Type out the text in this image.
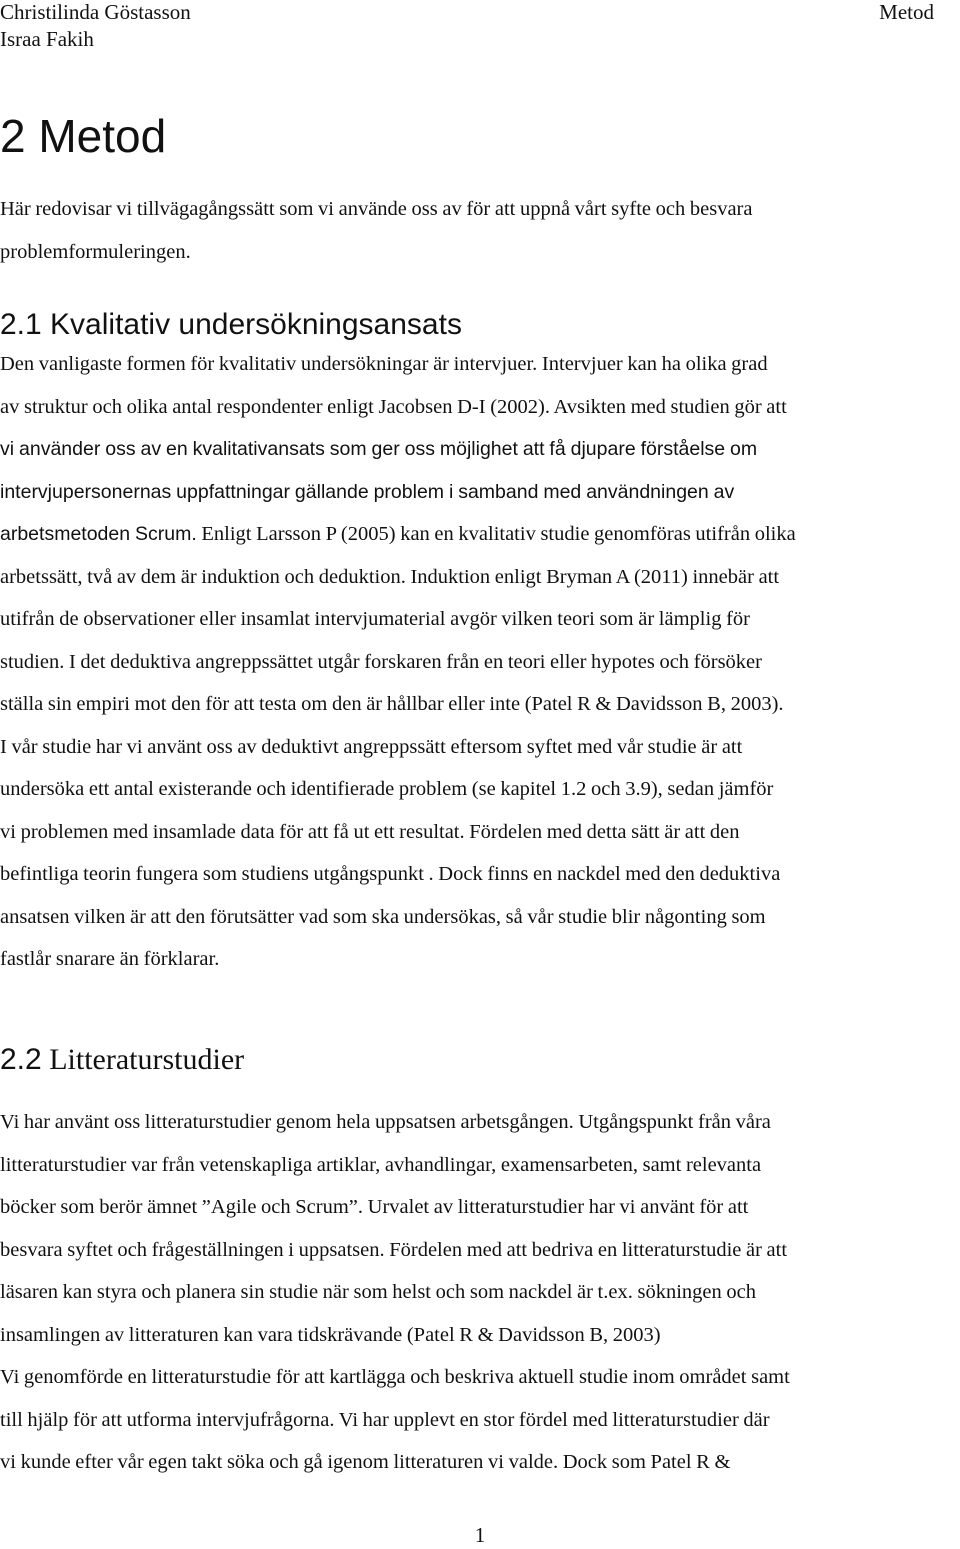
Christilinda Göstasson
Israa Fakih
Metod
2 Metod
Här redovisar vi tillvägagångssätt som vi använde oss av för att uppnå vårt syfte och besvara
problemformuleringen.
2.1 Kvalitativ undersökningsansats
Den vanligaste formen för kvalitativ undersökningar är intervjuer. Intervjuer kan ha olika grad
av struktur och olika antal respondenter enligt Jacobsen D-I (2002). Avsikten med studien gör att
vi använder oss av en kvalitativansats som ger oss möjlighet att få djupare förståelse om
intervjupersonernas uppfattningar gällande problem i samband med användningen av
arbetsmetoden Scrum. Enligt Larsson P (2005) kan en kvalitativ studie genomföras utifrån olika
arbetssätt, två av dem är induktion och deduktion. Induktion enligt Bryman A (2011) innebär att
utifrån de observationer eller insamlat intervjumaterial avgör vilken teori som är lämplig för
studien. I det deduktiva angreppssättet utgår forskaren från en teori eller hypotes och försöker
ställa sin empiri mot den för att testa om den är hållbar eller inte (Patel R & Davidsson B, 2003).
I vår studie har vi använt oss av deduktivt angreppssätt eftersom syftet med vår studie är att
undersöka ett antal existerande och identifierade problem (se kapitel 1.2 och 3.9), sedan jämför
vi problemen med insamlade data för att få ut ett resultat. Fördelen med detta sätt är att den
befintliga teorin fungera som studiens utgångspunkt . Dock finns en nackdel med den deduktiva
ansatsen vilken är att den förutsätter vad som ska undersökas, så vår studie blir någonting som
fastlår snarare än förklarar.
2.2 Litteraturstudier
Vi har använt oss litteraturstudier genom hela uppsatsen arbetsgången. Utgångspunkt från våra
litteraturstudier var från vetenskapliga artiklar, avhandlingar, examensarbeten, samt relevanta
böcker som berör ämnet ”Agile och Scrum”. Urvalet av litteraturstudier har vi använt för att
besvara syftet och frågeställningen i uppsatsen. Fördelen med att bedriva en litteraturstudie är att
läsaren kan styra och planera sin studie när som helst och som nackdel är t.ex. sökningen och
insamlingen av litteraturen kan vara tidskrävande (Patel R & Davidsson B, 2003)
Vi genomförde en litteraturstudie för att kartlägga och beskriva aktuell studie inom området samt
till hjälp för att utforma intervjufrågorna. Vi har upplevt en stor fördel med litteraturstudier där
vi kunde efter vår egen takt söka och gå igenom litteraturen vi valde. Dock som Patel R &
1
